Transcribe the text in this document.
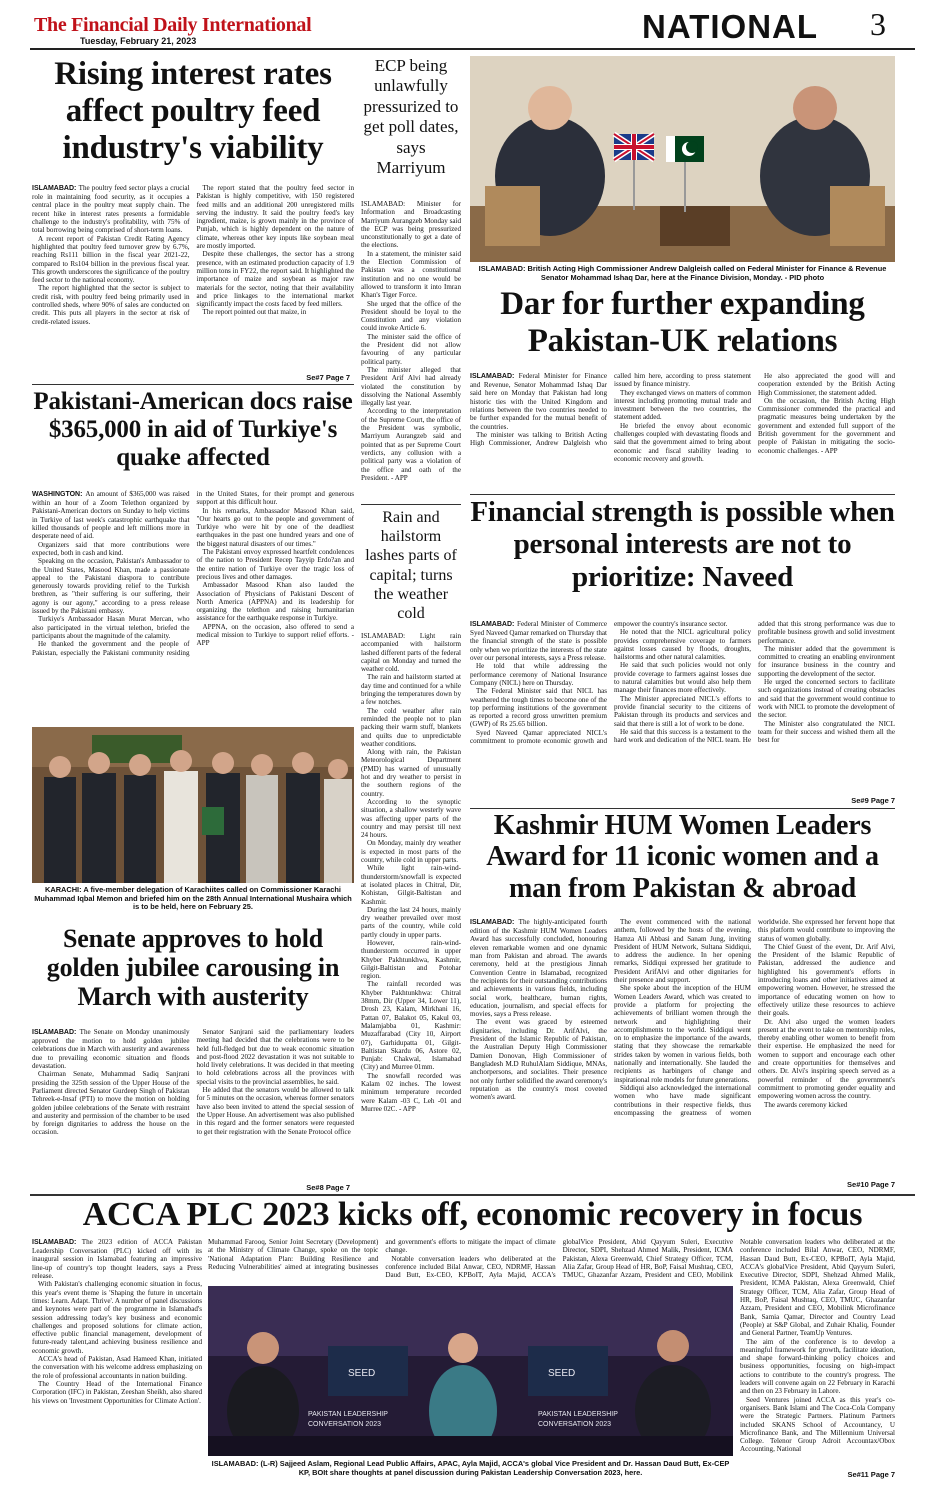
The Financial Daily International
Tuesday, February 21, 2023	NATIONAL 3
Rising interest rates affect poultry feed industry's viability

ISLAMABAD: The poultry feed sector plays a crucial role in maintaining food security, as it occupies a central place in the poultry meat supply chain. The recent hike in interest rates presents a formidable challenge to the industry's profitability, with 75% of total borrowing being comprised of short-term loans.

A recent report of Pakistan Credit Rating Agency highlighted that poultry feed turnover grew by 6.7%, reaching Rs111 billion in the fiscal year 2021-22, compared to Rs104 billion in the previous fiscal year. This growth underscores the significance of the poultry feed sector to the national economy.

The report highlighted that the sector is subject to credit risk, with poultry feed being primarily used in controlled sheds, where 90% of sales are conducted on credit. This puts all players in the sector at risk of credit-related issues.

The report stated that the poultry feed sector in Pakistan is highly competitive, with 150 registered feed mills and an additional 200 unregistered mills serving the industry. It said the poultry feed's key ingredient, maize, is grown mainly in the province of Punjab, which is highly dependent on the nature of climate, whereas other key inputs like soybean meal are mostly imported.

Despite these challenges, the sector has a strong presence, with an estimated production capacity of 1.9 million tons in FY22, the report said. It highlighted the importance of maize and soybean as major raw materials for the sector, noting that their availability and price linkages to the international market significantly impact the costs faced by feed millers.

The report pointed out that maize, in

Se#7 Page 7
ECP being unlawfully pressurized to get poll dates, says Marriyum

ISLAMABAD: Minister for Information and Broadcasting Marriyum Aurangzeb Monday said the ECP was being pressurized unconstitutionally to get a date of the elections.

In a statement, the minister said the Election Commission of Pakistan was a constitutional institution and no one would be allowed to transform it into Imran Khan's Tiger Force.

She urged that the office of the President should be loyal to the Constitution and any violation could invoke Article 6.

The minister said the office of the President did not allow favouring of any particular political party.

The minister alleged that President Arif Alvi had already violated the constitution by dissolving the National Assembly illegally last year.

According to the interpretation of the Supreme Court, the office of the President was symbolic, Marriyum Aurangzeb said and pointed that as per Supreme Court verdicts, any collusion with a political party was a violation of the office and oath of the President. - APP

Rain and hailstorm lashes parts of capital; turns the weather cold

ISLAMABAD: Light rain accompanied with hailstorm lashed different parts of the federal capital on Monday and turned the weather cold.

The rain and hailstorm started at day time and continued for a while bringing the temperatures down by a few notches.

The cold weather after rain reminded the people not to plan packing their warm stuff, blankets and quilts due to unpredictable weather conditions.

Along with rain, the Pakistan Meteorological Department (PMD) has warned of unusually hot and dry weather to persist in the southern regions of the country.

According to the synoptic situation, a shallow westerly wave was affecting upper parts of the country and may persist till next 24 hours.

On Monday, mainly dry weather is expected in most parts of the country, while cold in upper parts.

While light rain-wind-thunderstorm/snowfall is expected at isolated places in Chitral, Dir, Kohistan, Gilgit-Baltistan and Kashmir.

During the last 24 hours, mainly dry weather prevailed over most parts of the country, while cold partly cloudy in upper parts.

However, rain-wind-thunderstorm occurred in upper Khyber Pakhtunkhwa, Kashmir, Gilgit-Baltistan and Potohar region.

The rainfall recorded was Khyber Pakhtunkhwa: Chitral 38mm, Dir (Upper 34, Lower 11), Drosh 23, Kalam, Mirkhani 16, Pattan 07, Balakot 05, Kakul 03, Malamjabba 01, Kashmir: Muzaffarabad (City 10, Airport 07), Garhidupatta 01, Gilgit-Baltistan Skardu 06, Astore 02, Punjab: Chakwal, Islamabad (City) and Murree 01mm.

The snowfall recorded was Kalam 02 inches. The lowest minimum temperature recorded were Kalam -03 C, Leh -01 and Murree 02C. - APP

ISLAMABAD: British Acting High Commissioner Andrew Dalgleish called on Federal Minister for Finance & Revenue Senator Mohammad Ishaq Dar, here at the Finance Division, Monday. - PID photo
Dar for further expanding Pakistan-UK relations

ISLAMABAD: Federal Minister for Finance and Revenue, Senator Mohammad Ishaq Dar said here on Monday that Pakistan had long historic ties with the United Kingdom and relations between the two countries needed to be further expanded for the mutual benefit of the countries.

The minister was talking to British Acting High Commissioner, Andrew Dalgleish who called him here, according to press statement issued by finance ministry.

They exchanged views on matters of common interest including promoting mutual trade and investment between the two countries, the statement added.

He briefed the envoy about economic challenges coupled with devastating floods and said that the government aimed to bring about economic and fiscal stability leading to economic recovery and growth.

He also appreciated the good will and cooperation extended by the British Acting High Commissioner, the statement added.

On the occasion, the British Acting High Commissioner commended the practical and pragmatic measures being undertaken by the government and extended full support of the British government for the government and people of Pakistan in mitigating the socio-economic challenges. - APP

Financial strength is possible when personal interests are not to prioritize: Naveed

ISLAMABAD: Federal Minister of Commerce Syed Naveed Qamar remarked on Thursday that the financial strength of the state is possible only when we prioritize the interests of the state over our personal interests, says a Press release.

He told that while addressing the performance ceremony of National Insurance Company (NICL) here on Thursday.

The Federal Minister said that NICL has weathered the tough times to become one of the top performing institutions of the government as reported a record gross unwritten premium (GWP) of Rs 25.65 billion.

Syed Naveed Qamar appreciated NICL's commitment to promote economic growth and empower the country's insurance sector.

He noted that the NICL agricultural policy provides comprehensive coverage to farmers against losses caused by floods, droughts, hailstorms and other natural calamities.

He said that such policies would not only provide coverage to farmers against losses due to natural calamities but would also help them manage their finances more effectively.

The Minister appreciated NICL's efforts to provide financial security to the citizens of Pakistan through its products and services and said that there is still a lot of work to be done.

He said that this success is a testament to the hard work and dedication of the NICL team. He added that this strong performance was due to profitable business growth and solid investment performance.

The minister added that the government is committed to creating an enabling environment for insurance business in the country and supporting the development of the sector.

He urged the concerned sectors to facilitate such organizations instead of creating obstacles and said that the government would continue to work with NICL to promote the development of the sector.

The Minister also congratulated the NICL team for their success and wished them all the best for

Se#9 Page 7
Pakistani-American docs raise $365,000 in aid of Turkiye's quake affected

WASHINGTON: An amount of $365,000 was raised within an hour of a Zoom Telethon organized by Pakistani-American doctors on Sunday to help victims in Turkiye of last week's catastrophic earthquake that killed thousands of people and left millions more in desperate need of aid.

Organizers said that more contributions were expected, both in cash and kind.

Speaking on the occasion, Pakistan's Ambassador to the United States, Masood Khan, made a passionate appeal to the Pakistani diaspora to contribute generously towards providing relief to the Turkish brethren, as "their suffering is our suffering, their agony is our agony," according to a press release issued by the Pakistani embassy.

Turkiye's Ambassador Hasan Murat Mercan, who also participated in the virtual telethon, briefed the participants about the magnitude of the calamity.

He thanked the government and the people of Pakistan, especially the Pakistani community residing in the United States, for their prompt and generous support at this difficult hour.

In his remarks, Ambassador Masood Khan said, "Our hearts go out to the people and government of Turkiye who were hit by one of the deadliest earthquakes in the past one hundred years and one of the biggest natural disasters of our times."

The Pakistani envoy expressed heartfelt condolences of the nation to President Recep Tayyip Erdo?an and the entire nation of Turkiye over the tragic loss of precious lives and other damages.

Ambassador Masood Khan also lauded the Association of Physicians of Pakistani Descent of North America (APPNA) and its leadership for organizing the telethon and raising humanitarian assistance for the earthquake response in Turkiye.

APPNA, on the occasion, also offered to send a medical mission to Turkiye to support relief efforts. - APP

KARACHI: A five-member delegation of Karachiites called on Commissioner Karachi Muhammad Iqbal Memon and briefed him on the 28th Annual International Mushaira which is to be held, here on February 25.
Senate approves to hold golden jubilee carousing in March with austerity

ISLAMABAD: The Senate on Monday unanimously approved the motion to hold golden jubilee celebrations due in March with austerity and awareness due to prevailing economic situation and floods devastation.

Chairman Senate, Muhammad Sadiq Sanjrani presiding the 325th session of the Upper House of the Parliament directed Senator Gurdeep Singh of Pakistan Tehreek-e-Insaf (PTI) to move the motion on holding golden jubilee celebrations of the Senate with restraint and austerity and permission of the chamber to be used by foreign dignitaries to address the house on the occasion.

Senator Sanjrani said the parliamentary leaders meeting had decided that the celebrations were to be held full-fledged but due to weak economic situation and post-flood 2022 devastation it was not suitable to hold lively celebrations. It was decided in that meeting to hold celebrations across all the provinces with special visits to the provincial assemblies, he said.

He added that the senators would be allowed to talk for 5 minutes on the occasion, whereas former senators have also been invited to attend the special session of the Upper House. An advertisement was also published in this regard and the former senators were requested to get their registration with the Senate Protocol office

Se#8 Page 7
Kashmir HUM Women Leaders Award for 11 iconic women and a man from Pakistan & abroad

ISLAMABAD: The highly-anticipated fourth edition of the Kashmir HUM Women Leaders Award has successfully concluded, honouring eleven remarkable women and one dynamic man from Pakistan and abroad. The awards ceremony, held at the prestigious Jinnah Convention Centre in Islamabad, recognized the recipients for their outstanding contributions and achievements in various fields, including social work, healthcare, human rights, education, journalism, and special effects for movies, says a Press release.

The event was graced by esteemed dignitaries, including Dr. ArifAlvi, the President of the Islamic Republic of Pakistan, the Australian Deputy High Commissioner Damien Donovan, High Commissioner of Bangladesh M.D RuhulAlam Siddique, MNAs, anchorpersons, and socialites. Their presence not only further solidified the award ceremony's reputation as the country's most coveted women's award.

The event commenced with the national anthem, followed by the hosts of the evening, Hamza Ali Abbasi and Sanam Jung, inviting President of HUM Network, Sultana Siddiqui, to address the audience. In her opening remarks, Siddiqui expressed her gratitude to President ArifAlvi and other dignitaries for their presence and support.

She spoke about the inception of the HUM Women Leaders Award, which was created to provide a platform for projecting the achievements of brilliant women through the network and highlighting their accomplishments to the world. Siddiqui went on to emphasize the importance of the awards, stating that they showcase the remarkable strides taken by women in various fields, both nationally and internationally. She lauded the recipients as harbingers of change and inspirational role models for future generations.

Siddiqui also acknowledged the international women who have made significant contributions in their respective fields, thus encompassing the greatness of women worldwide. She expressed her fervent hope that this platform would contribute to improving the status of women globally.

The Chief Guest of the event, Dr. Arif Alvi, the President of the Islamic Republic of Pakistan, addressed the audience and highlighted his government's efforts in introducing loans and other initiatives aimed at empowering women. However, he stressed the importance of educating women on how to effectively utilize these resources to achieve their goals.

Dr. Alvi also urged the women leaders present at the event to take on mentorship roles, thereby enabling other women to benefit from their expertise. He emphasized the need for women to support and encourage each other and create opportunities for themselves and others. Dr. Alvi's inspiring speech served as a powerful reminder of the government's commitment to promoting gender equality and empowering women across the country.

The awards ceremony kicked

Se#10 Page 7
ACCA PLC 2023 kicks off, economic recovery in focus

ISLAMABAD: The 2023 edition of ACCA Pakistan Leadership Conversation (PLC) kicked off with its inaugural session in Islamabad featuring an impressive line-up of country's top thought leaders, says a Press release.

With Pakistan's challenging economic situation in focus, this year's event theme is 'Shaping the future in uncertain times: Learn. Adapt. Thrive'. A number of panel discussions and keynotes were part of the programme in Islamabad's session addressing today's key business and economic challenges and proposed solutions for climate action, effective public financial management, development of future-ready talent,and achieving business resilience and economic growth.

ACCA's head of Pakistan, Asad Hameed Khan, initiated the conversation with his welcome address emphasizing on the role of professional accountants in nation building.

The Country Head of the International Finance Corporation (IFC) in Pakistan, Zeeshan Sheikh, also shared his views on 'Investment Opportunities for Climate Action'.

Muhammad Farooq, Senior Joint Secretary (Development) at the Ministry of Climate Change, spoke on the topic 'National Adaptation Plan: Building Resilience and Reducing Vulnerabilities' aimed at integrating businesses and government's efforts to mitigate the impact of climate change.

Notable conversation leaders who deliberated at the conference included Bilal Anwar, CEO, NDRMF, Hassan Daud Butt, Ex-CEO, KPBoIT, Ayla Majid, ACCA's globalVice President, Abid Qayyum Suleri, Executive Director, SDPI, Shehzad Ahmed Malik, President, ICMA Pakistan, Alexa Greenwald, Chief Strategy Officer, TCM, Alia Zafar, Group Head of HR, BoP, Faisal Mushtaq, CEO, TMUC, Ghazanfar Azzam, President and CEO, Mobilink

Notable conversation leaders who deliberated at the conference included Bilal Anwar, CEO, NDRMF, Hassan Daud Butt, Ex-CEO, KPBoIT, Ayla Majid, ACCA's globalVice President, Abid Qayyum Suleri, Executive Director, SDPI, Shehzad Ahmed Malik, President, ICMA Pakistan, Alexa Greenwald, Chief Strategy Officer, TCM, Alia Zafar, Group Head of HR, BoP, Faisal Mushtaq, CEO, TMUC, Ghazanfar Azzam, President and CEO, Mobilink Microfinance Bank, Samia Qamar, Director and Country Lead (People) at S&P Global, and Zuhair Khaliq, Founder and General Partner, TeamUp Ventures.

The aim of the conference is to develop a meaningful framework for growth, facilitate ideation, and shape forward-thinking policy choices and business opportunities, focusing on high-impact actions to contribute to the country's progress. The leaders will convene again on 22 February in Karachi and then on 23 February in Lahore.

Seed Ventures joined ACCA as this year's co-organisers. Bank Islami and The Coca-Cola Company were the Strategic Partners. Platinum Partners included SKANS School of Accountancy, U Microfinance Bank, and The Millennium Universal College. Telenor Group Adroit Accountax/Obox Accounting, National

Se#11 Page 7
SEED	SEED
PAKISTAN LEADERSHIP
CONVERSATION 2023
PAKISTAN LEADERSHIP
CONVERSATION 2023
ISLAMABAD: (L-R) Sajjeed Aslam, Regional Lead Public Affairs, APAC, Ayla Majid, ACCA's global Vice President and Dr. Hassan Daud Butt, Ex-CEP KP, BOIt share thoughts at panel discussion during Pakistan Leadership Conversation 2023, here.
